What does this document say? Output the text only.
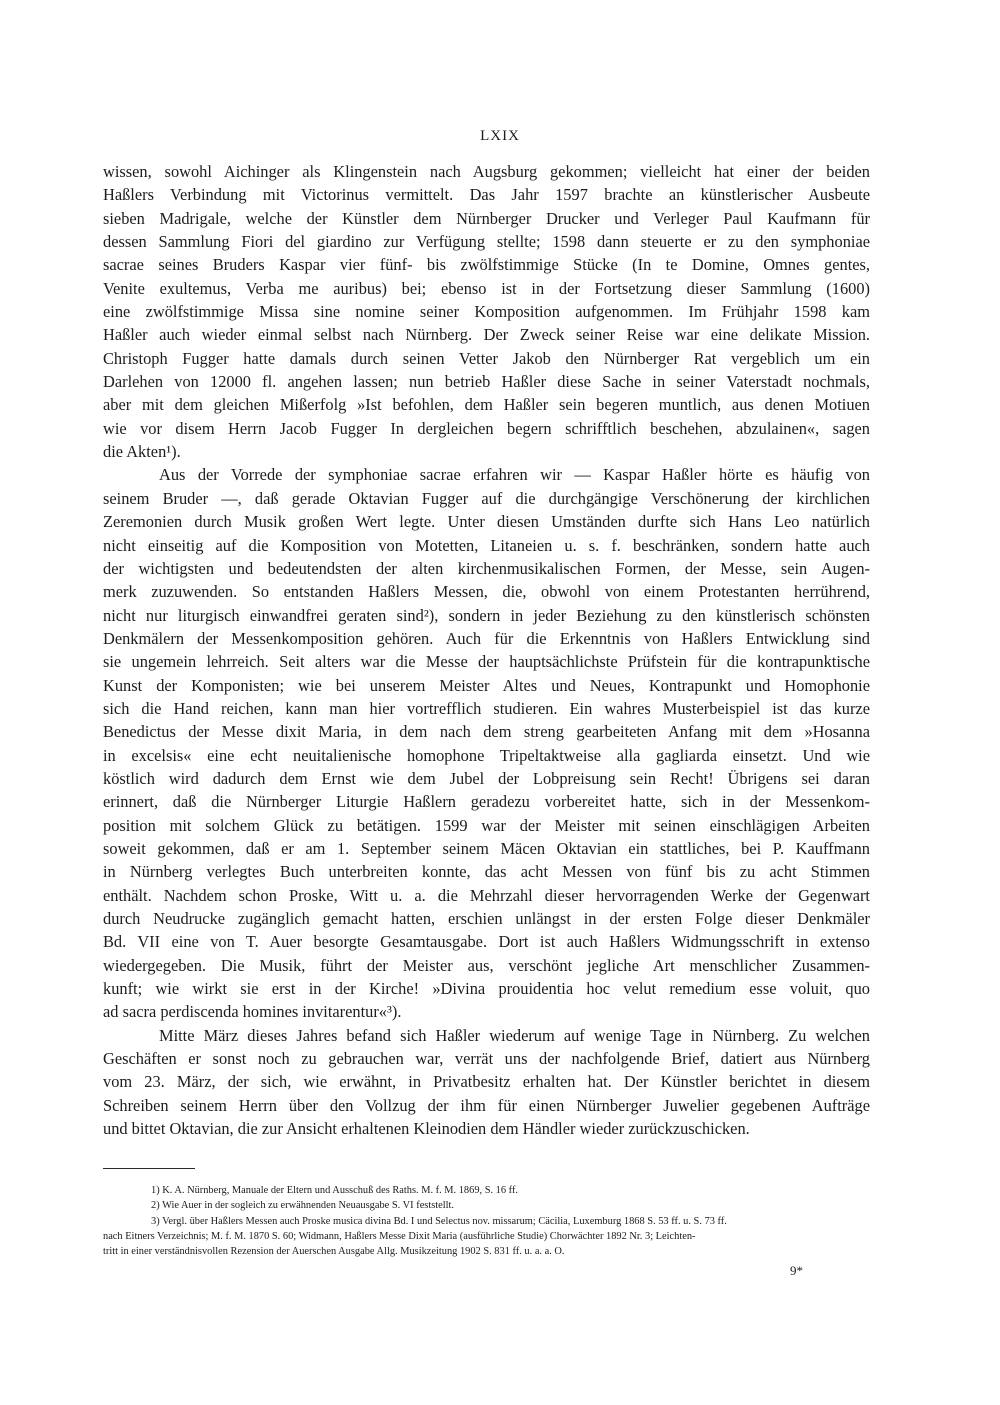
LXIX
wissen, sowohl Aichinger als Klingenstein nach Augsburg gekommen; vielleicht hat einer der beiden
Haßlers Verbindung mit Victorinus vermittelt. Das Jahr 1597 brachte an künstlerischer Ausbeute
sieben Madrigale, welche der Künstler dem Nürnberger Drucker und Verleger Paul Kaufmann für
dessen Sammlung Fiori del giardino zur Verfügung stellte; 1598 dann steuerte er zu den symphoniae
sacrae seines Bruders Kaspar vier fünf- bis zwölfstimmige Stücke (In te Domine, Omnes gentes,
Venite exultemus, Verba me auribus) bei; ebenso ist in der Fortsetzung dieser Sammlung (1600)
eine zwölfstimmige Missa sine nomine seiner Komposition aufgenommen. Im Frühjahr 1598 kam
Haßler auch wieder einmal selbst nach Nürnberg. Der Zweck seiner Reise war eine delikate Mission.
Christoph Fugger hatte damals durch seinen Vetter Jakob den Nürnberger Rat vergeblich um ein
Darlehen von 12000 fl. angehen lassen; nun betrieb Haßler diese Sache in seiner Vaterstadt nochmals,
aber mit dem gleichen Mißerfolg »Ist befohlen, dem Haßler sein begeren muntlich, aus denen Motiuen
wie vor disem Herrn Jacob Fugger In dergleichen begern schrifftlich beschehen, abzulainen«, sagen
die Akten¹).
Aus der Vorrede der symphoniae sacrae erfahren wir — Kaspar Haßler hörte es häufig von
seinem Bruder —, daß gerade Oktavian Fugger auf die durchgängige Verschönerung der kirchlichen
Zeremonien durch Musik großen Wert legte. Unter diesen Umständen durfte sich Hans Leo natürlich
nicht einseitig auf die Komposition von Motetten, Litaneien u. s. f. beschränken, sondern hatte auch
der wichtigsten und bedeutendsten der alten kirchenmusikalischen Formen, der Messe, sein Augen-
merk zuzuwenden. So entstanden Haßlers Messen, die, obwohl von einem Protestanten herrührend,
nicht nur liturgisch einwandfrei geraten sind²), sondern in jeder Beziehung zu den künstlerisch schönsten
Denkmälern der Messenkomposition gehören. Auch für die Erkenntnis von Haßlers Entwicklung sind
sie ungemein lehrreich. Seit alters war die Messe der hauptsächlichste Prüfstein für die kontrapunktische
Kunst der Komponisten; wie bei unserem Meister Altes und Neues, Kontrapunkt und Homophonie
sich die Hand reichen, kann man hier vortrefflich studieren. Ein wahres Musterbeispiel ist das kurze
Benedictus der Messe dixit Maria, in dem nach dem streng gearbeiteten Anfang mit dem »Hosanna
in excelsis« eine echt neuitalienische homophone Tripeltaktweise alla gagliarda einsetzt. Und wie
köstlich wird dadurch dem Ernst wie dem Jubel der Lobpreisung sein Recht! Übrigens sei daran
erinnert, daß die Nürnberger Liturgie Haßlern geradezu vorbereitet hatte, sich in der Messenkom-
position mit solchem Glück zu betätigen. 1599 war der Meister mit seinen einschlägigen Arbeiten
soweit gekommen, daß er am 1. September seinem Mäcen Oktavian ein stattliches, bei P. Kauffmann
in Nürnberg verlegtes Buch unterbreiten konnte, das acht Messen von fünf bis zu acht Stimmen
enthält. Nachdem schon Proske, Witt u. a. die Mehrzahl dieser hervorragenden Werke der Gegenwart
durch Neudrucke zugänglich gemacht hatten, erschien unlängst in der ersten Folge dieser Denkmäler
Bd. VII eine von T. Auer besorgte Gesamtausgabe. Dort ist auch Haßlers Widmungsschrift in extenso
wiedergegeben. Die Musik, führt der Meister aus, verschönt jegliche Art menschlicher Zusammen-
kunft; wie wirkt sie erst in der Kirche! »Divina prouidentia hoc velut remedium esse voluit, quo
ad sacra perdiscenda homines invitarentur«³).
Mitte März dieses Jahres befand sich Haßler wiederum auf wenige Tage in Nürnberg. Zu welchen
Geschäften er sonst noch zu gebrauchen war, verrät uns der nachfolgende Brief, datiert aus Nürnberg
vom 23. März, der sich, wie erwähnt, in Privatbesitz erhalten hat. Der Künstler berichtet in diesem
Schreiben seinem Herrn über den Vollzug der ihm für einen Nürnberger Juwelier gegebenen Aufträge
und bittet Oktavian, die zur Ansicht erhaltenen Kleinodien dem Händler wieder zurückzuschicken.
1) K. A. Nürnberg, Manuale der Eltern und Ausschuß des Raths. M. f. M. 1869, S. 16 ff.
2) Wie Auer in der sogleich zu erwähnenden Neuausgabe S. VI feststellt.
3) Vergl. über Haßlers Messen auch Proske musica divina Bd. I und Selectus nov. missarum; Cäcilia, Luxemburg 1868 S. 53 ff. u. S. 73 ff.
nach Eitners Verzeichnis; M. f. M. 1870 S. 60; Widmann, Haßlers Messe Dixit Maria (ausführliche Studie) Chorwächter 1892 Nr. 3; Leichten-
tritt in einer verständnisvollen Rezension der Auerschen Ausgabe Allg. Musikzeitung 1902 S. 831 ff. u. a. a. O.
9*
